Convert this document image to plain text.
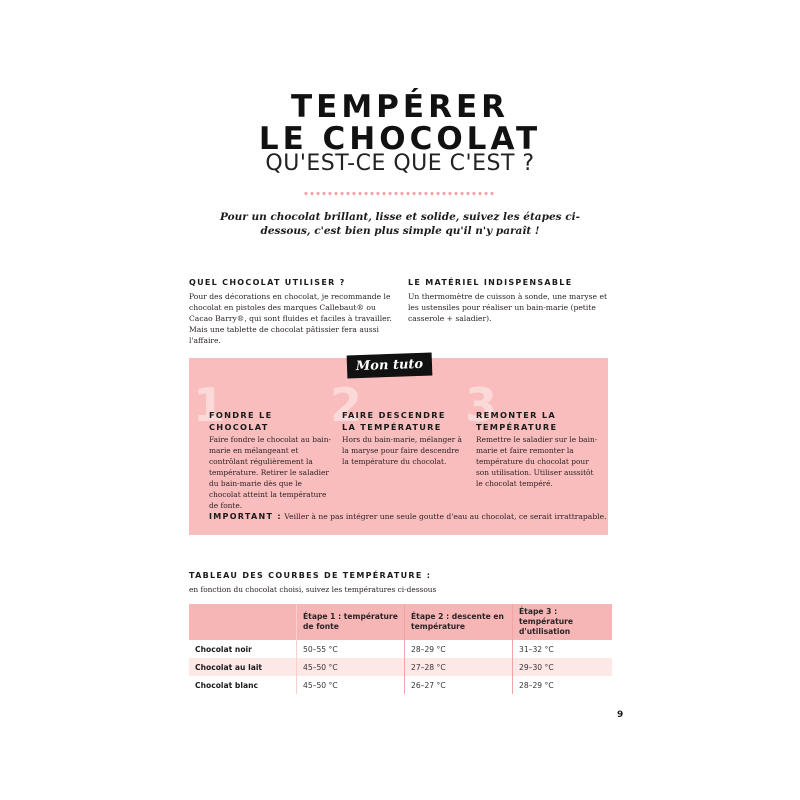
TEMPÉRER
LE CHOCOLAT
QU'EST-CE QUE C'EST ?
Pour un chocolat brillant, lisse et solide, suivez les étapes ci-dessous, c'est bien plus simple qu'il n'y paraît !
QUEL CHOCOLAT UTILISER ?
Pour des décorations en chocolat, je recommande le chocolat en pistoles des marques Callebaut® ou Cacao Barry®, qui sont fluides et faciles à travailler. Mais une tablette de chocolat pâtissier fera aussi l'affaire.
LE MATÉRIEL INDISPENSABLE
Un thermomètre de cuisson à sonde, une maryse et les ustensiles pour réaliser un bain-marie (petite casserole + saladier).
Mon tuto
1 2 3
FONDRE LE CHOCOLAT
Faire fondre le chocolat au bain-marie en mélangeant et contrôlant régulièrement la température. Retirer le saladier du bain-marie dès que le chocolat atteint la température de fonte.
FAIRE DESCENDRE LA TEMPÉRATURE
Hors du bain-marie, mélanger à la maryse pour faire descendre la température du chocolat.
REMONTER LA TEMPÉRATURE
Remettre le saladier sur le bain-marie et faire remonter la température du chocolat pour son utilisation. Utiliser aussitôt le chocolat tempéré.
IMPORTANT : Veiller à ne pas intégrer une seule goutte d'eau au chocolat, ce serait irrattrapable.
TABLEAU DES COURBES DE TEMPÉRATURE :
en fonction du chocolat choisi, suivez les températures ci-dessous
	Étape 1 : température de fonte	Étape 2 : descente en température	Étape 3 : température d'utilisation
Chocolat noir	50–55 °C	28–29 °C	31–32 °C
Chocolat au lait	45–50 °C	27–28 °C	29–30 °C
Chocolat blanc	45–50 °C	26–27 °C	28–29 °C
9
